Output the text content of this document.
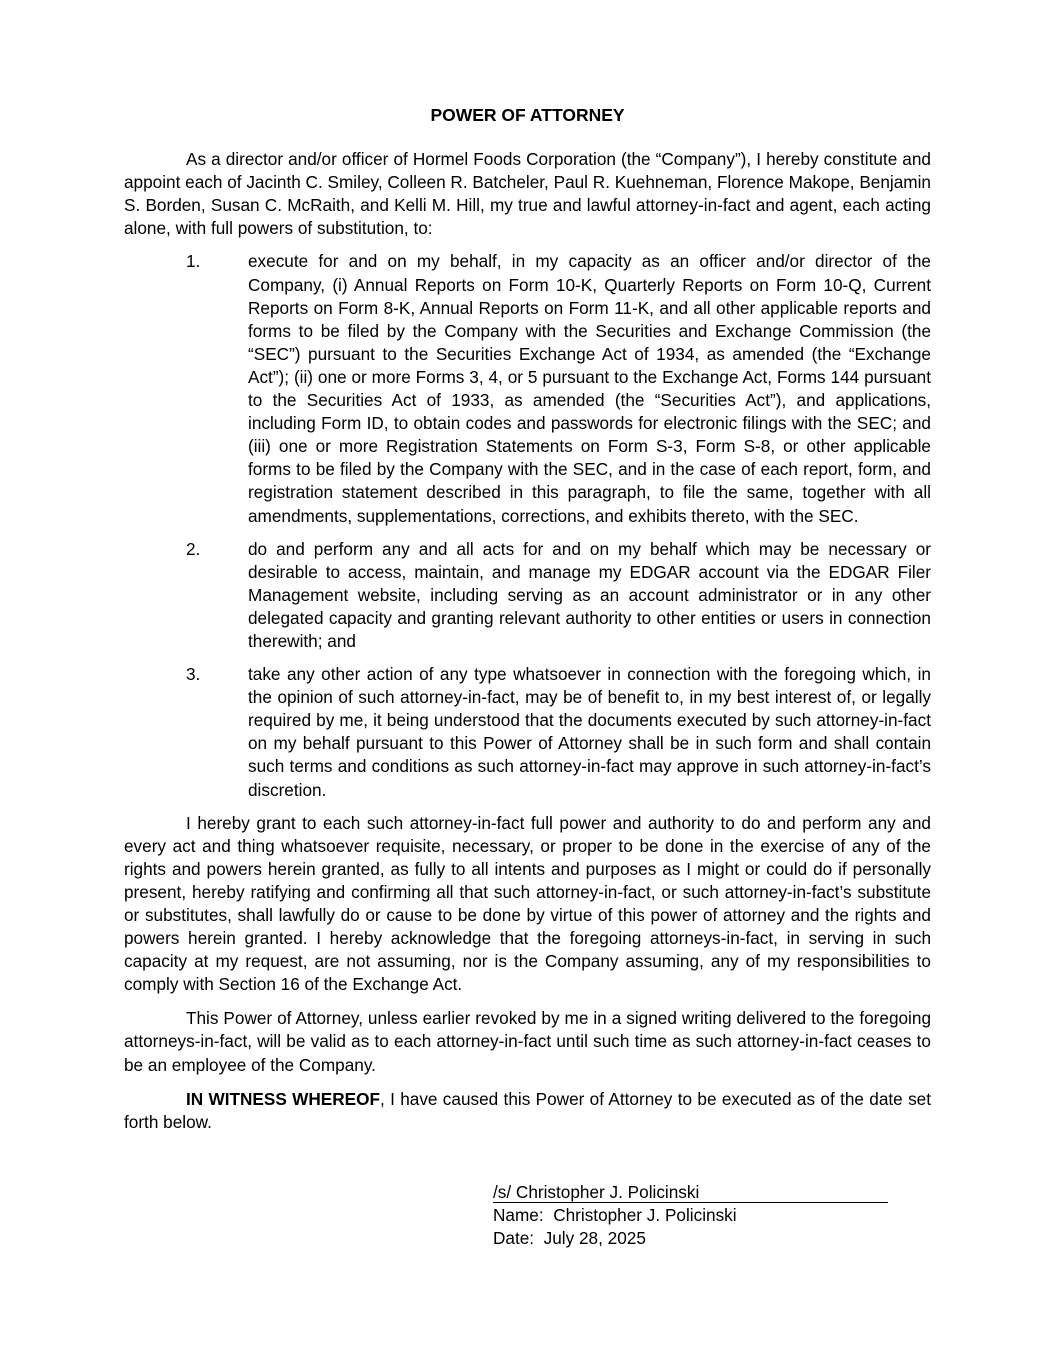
POWER OF ATTORNEY

As a director and/or officer of Hormel Foods Corporation (the “Company”), I hereby constitute and appoint each of Jacinth C. Smiley, Colleen R. Batcheler, Paul R. Kuehneman, Florence Makope, Benjamin S. Borden, Susan C. McRaith, and Kelli M. Hill, my true and lawful attorney-in-fact and agent, each acting alone, with full powers of substitution, to:

1.	execute for and on my behalf, in my capacity as an officer and/or director of the Company, (i) Annual Reports on Form 10-K, Quarterly Reports on Form 10-Q, Current Reports on Form 8-K, Annual Reports on Form 11-K, and all other applicable reports and forms to be filed by the Company with the Securities and Exchange Commission (the “SEC”) pursuant to the Securities Exchange Act of 1934, as amended (the “Exchange Act”); (ii) one or more Forms 3, 4, or 5 pursuant to the Exchange Act, Forms 144 pursuant to the Securities Act of 1933, as amended (the “Securities Act”), and applications, including Form ID, to obtain codes and passwords for electronic filings with the SEC; and (iii) one or more Registration Statements on Form S-3, Form S-8, or other applicable forms to be filed by the Company with the SEC, and in the case of each report, form, and registration statement described in this paragraph, to file the same, together with all amendments, supplementations, corrections, and exhibits thereto, with the SEC.
2.	do and perform any and all acts for and on my behalf which may be necessary or desirable to access, maintain, and manage my EDGAR account via the EDGAR Filer Management website, including serving as an account administrator or in any other delegated capacity and granting relevant authority to other entities or users in connection therewith; and
3.	take any other action of any type whatsoever in connection with the foregoing which, in the opinion of such attorney-in-fact, may be of benefit to, in my best interest of, or legally required by me, it being understood that the documents executed by such attorney-in-fact on my behalf pursuant to this Power of Attorney shall be in such form and shall contain such terms and conditions as such attorney-in-fact may approve in such attorney-in-fact’s discretion.

I hereby grant to each such attorney-in-fact full power and authority to do and perform any and every act and thing whatsoever requisite, necessary, or proper to be done in the exercise of any of the rights and powers herein granted, as fully to all intents and purposes as I might or could do if personally present, hereby ratifying and confirming all that such attorney-in-fact, or such attorney-in-fact’s substitute or substitutes, shall lawfully do or cause to be done by virtue of this power of attorney and the rights and powers herein granted. I hereby acknowledge that the foregoing attorneys-in-fact, in serving in such capacity at my request, are not assuming, nor is the Company assuming, any of my responsibilities to comply with Section 16 of the Exchange Act.

This Power of Attorney, unless earlier revoked by me in a signed writing delivered to the foregoing attorneys-in-fact, will be valid as to each attorney-in-fact until such time as such attorney-in-fact ceases to be an employee of the Company.

IN WITNESS WHEREOF, I have caused this Power of Attorney to be executed as of the date set forth below.

/s/ Christopher J. Policinski
Name: Christopher J. Policinski
Date: July 28, 2025
